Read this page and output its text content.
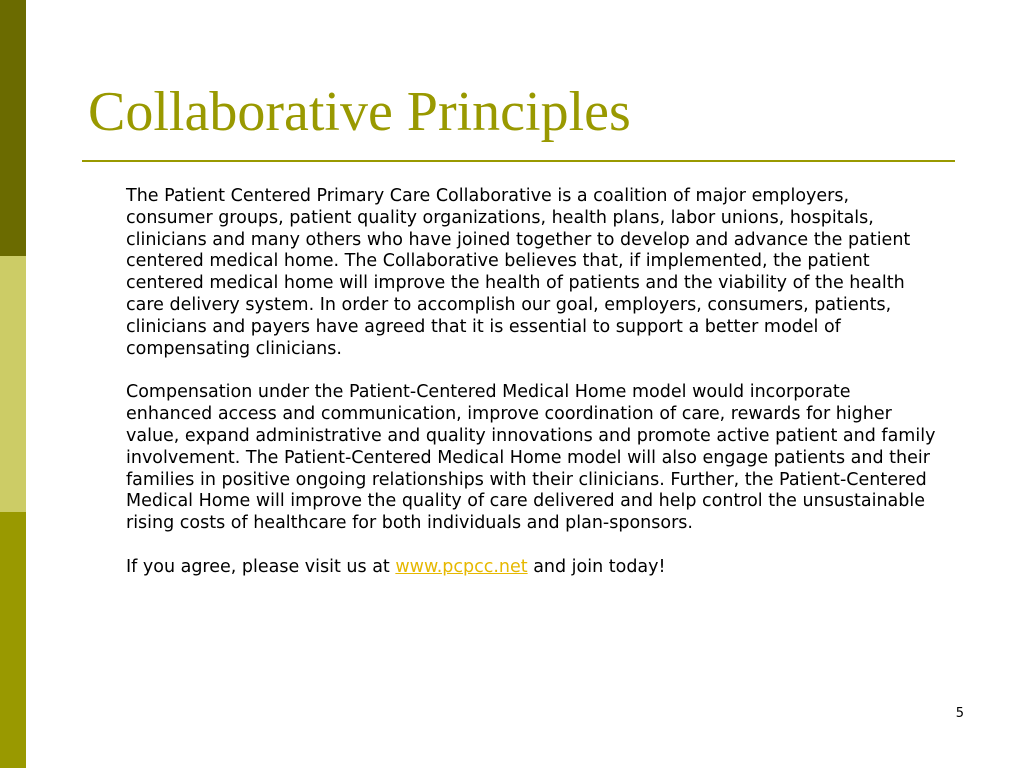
Collaborative Principles

The Patient Centered Primary Care Collaborative is a coalition of major employers, consumer groups, patient quality organizations, health plans, labor unions, hospitals, clinicians and many others who have joined together to develop and advance the patient centered medical home. The Collaborative believes that, if implemented, the patient centered medical home will improve the health of patients and the viability of the health care delivery system. In order to accomplish our goal, employers, consumers, patients, clinicians and payers have agreed that it is essential to support a better model of compensating clinicians.

Compensation under the Patient-Centered Medical Home model would incorporate enhanced access and communication, improve coordination of care, rewards for higher value, expand administrative and quality innovations and promote active patient and family involvement. The Patient-Centered Medical Home model will also engage patients and their families in positive ongoing relationships with their clinicians. Further, the Patient-Centered Medical Home will improve the quality of care delivered and help control the unsustainable rising costs of healthcare for both individuals and plan-sponsors.

If you agree, please visit us at www.pcpcc.net and join today!

5
